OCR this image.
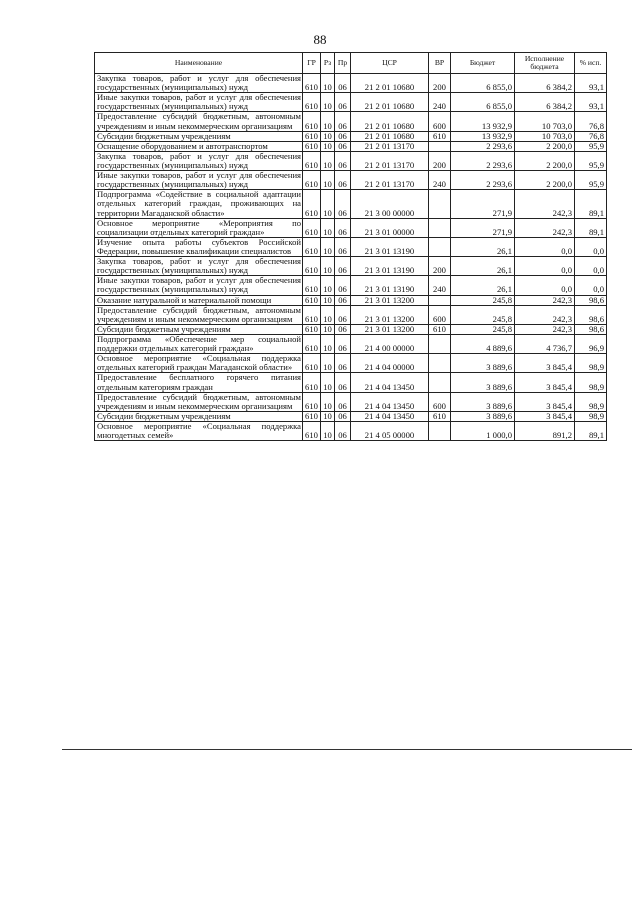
88
Наименование	ГР	Рз	Пр	ЦСР	ВР	Бюджет	Исполнение бюджета	% исп.
Закупка товаров, работ и услуг для обеспечения государственных (муниципальных) нужд	610	10	06	21 2 01 10680	200	6 855,0	6 384,2	93,1
Иные закупки товаров, работ и услуг для обеспечения государственных (муниципальных) нужд	610	10	06	21 2 01 10680	240	6 855,0	6 384,2	93,1
Предоставление субсидий бюджетным, автономным учреждениям и иным некоммерческим организациям	610	10	06	21 2 01 10680	600	13 932,9	10 703,0	76,8
Субсидии бюджетным учреждениям	610	10	06	21 2 01 10680	610	13 932,9	10 703,0	76,8
Оснащение оборудованием и автотранспортом	610	10	06	21 2 01 13170		2 293,6	2 200,0	95,9
Закупка товаров, работ и услуг для обеспечения государственных (муниципальных) нужд	610	10	06	21 2 01 13170	200	2 293,6	2 200,0	95,9
Иные закупки товаров, работ и услуг для обеспечения государственных (муниципальных) нужд	610	10	06	21 2 01 13170	240	2 293,6	2 200,0	95,9
Подпрограмма «Содействие в социальной адаптации отдельных категорий граждан, проживающих на территории Магаданской области»	610	10	06	21 3 00 00000		271,9	242,3	89,1
Основное мероприятие «Мероприятия по социализации отдельных категорий граждан»	610	10	06	21 3 01 00000		271,9	242,3	89,1
Изучение опыта работы субъектов Российской Федерации, повышение квалификации специалистов	610	10	06	21 3 01 13190		26,1	0,0	0,0
Закупка товаров, работ и услуг для обеспечения государственных (муниципальных) нужд	610	10	06	21 3 01 13190	200	26,1	0,0	0,0
Иные закупки товаров, работ и услуг для обеспечения государственных (муниципальных) нужд	610	10	06	21 3 01 13190	240	26,1	0,0	0,0
Оказание натуральной и материальной помощи	610	10	06	21 3 01 13200		245,8	242,3	98,6
Предоставление субсидий бюджетным, автономным учреждениям и иным некоммерческим организациям	610	10	06	21 3 01 13200	600	245,8	242,3	98,6
Субсидии бюджетным учреждениям	610	10	06	21 3 01 13200	610	245,8	242,3	98,6
Подпрограмма «Обеспечение мер социальной поддержки отдельных категорий граждан»	610	10	06	21 4 00 00000		4 889,6	4 736,7	96,9
Основное мероприятие «Социальная поддержка отдельных категорий граждан Магаданской области»	610	10	06	21 4 04 00000		3 889,6	3 845,4	98,9
Предоставление бесплатного горячего питания отдельным категориям граждан	610	10	06	21 4 04 13450		3 889,6	3 845,4	98,9
Предоставление субсидий бюджетным, автономным учреждениям и иным некоммерческим организациям	610	10	06	21 4 04 13450	600	3 889,6	3 845,4	98,9
Субсидии бюджетным учреждениям	610	10	06	21 4 04 13450	610	3 889,6	3 845,4	98,9
Основное мероприятие «Социальная поддержка многодетных семей»	610	10	06	21 4 05 00000		1 000,0	891,2	89,1
